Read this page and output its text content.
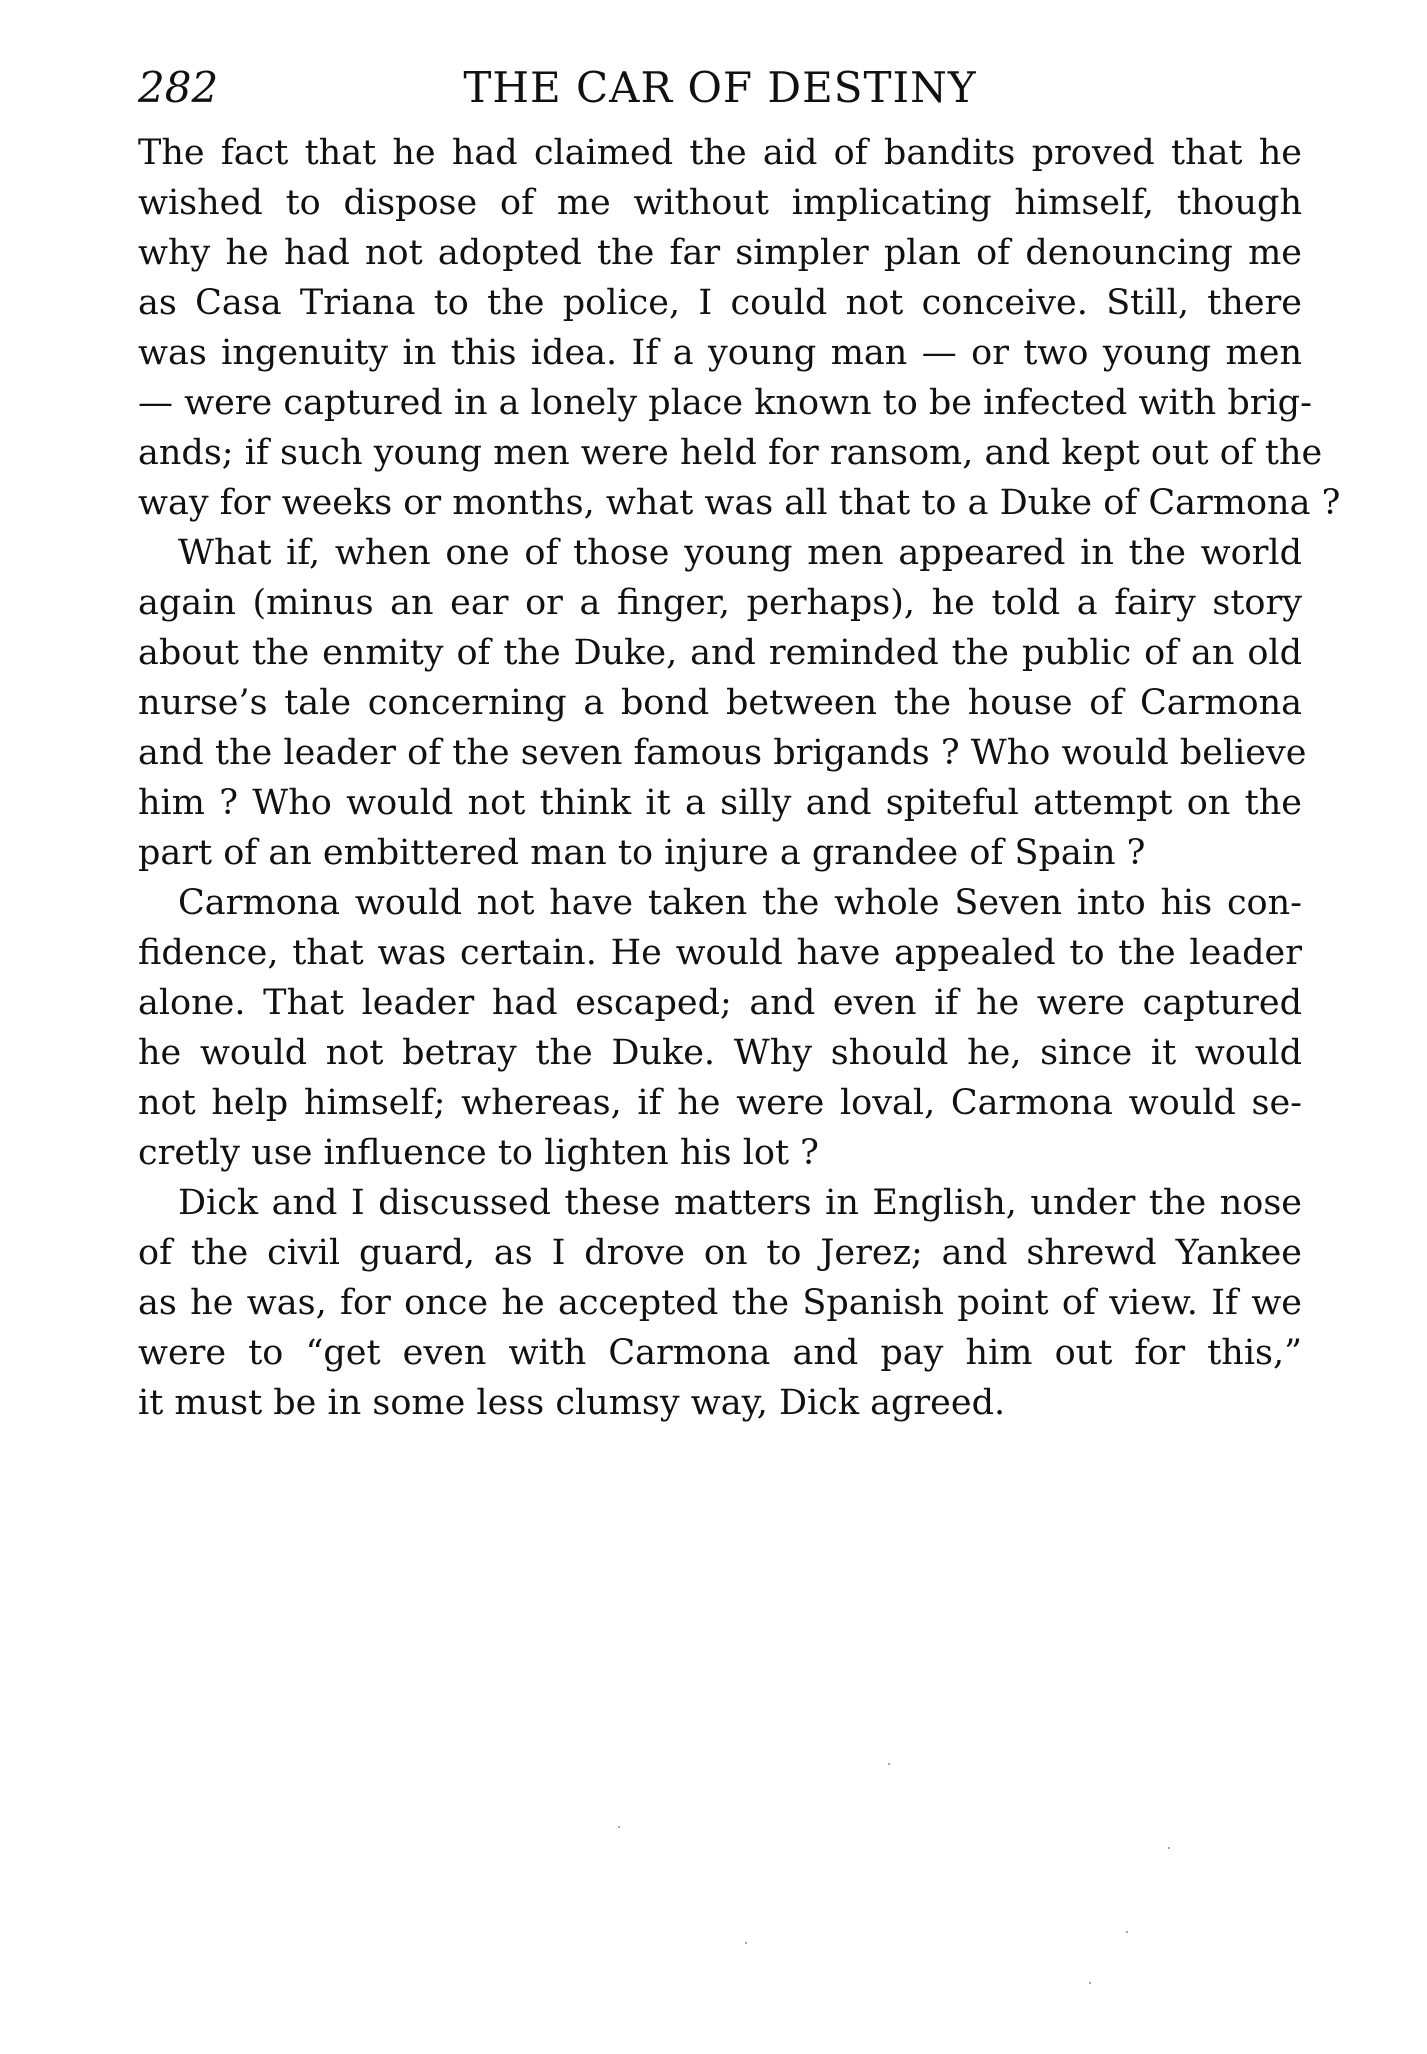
282	THE CAR OF DESTINY
The fact that he had claimed the aid of bandits proved that he
wished to dispose of me without implicating himself, though
why he had not adopted the far simpler plan of denouncing me
as Casa Triana to the police, I could not conceive. Still, there
was ingenuity in this idea. If a young man — or two young men
— were captured in a lonely place known to be infected with brig-
ands; if such young men were held for ransom, and kept out of the
way for weeks or months, what was all that to a Duke of Carmona ?
What if, when one of those young men appeared in the world
again (minus an ear or a finger, perhaps), he told a fairy story
about the enmity of the Duke, and reminded the public of an old
nurse’s tale concerning a bond between the house of Carmona
and the leader of the seven famous brigands ? Who would believe
him ? Who would not think it a silly and spiteful attempt on the
part of an embittered man to injure a grandee of Spain ?
Carmona would not have taken the whole Seven into his con-
fidence, that was certain. He would have appealed to the leader
alone. That leader had escaped; and even if he were captured
he would not betray the Duke. Why should he, since it would
not help himself; whereas, if he were loval, Carmona would se-
cretly use influence to lighten his lot ?
Dick and I discussed these matters in English, under the nose
of the civil guard, as I drove on to Jerez; and shrewd Yankee
as he was, for once he accepted the Spanish point of view. If we
were to “get even with Carmona and pay him out for this,”
it must be in some less clumsy way, Dick agreed.
